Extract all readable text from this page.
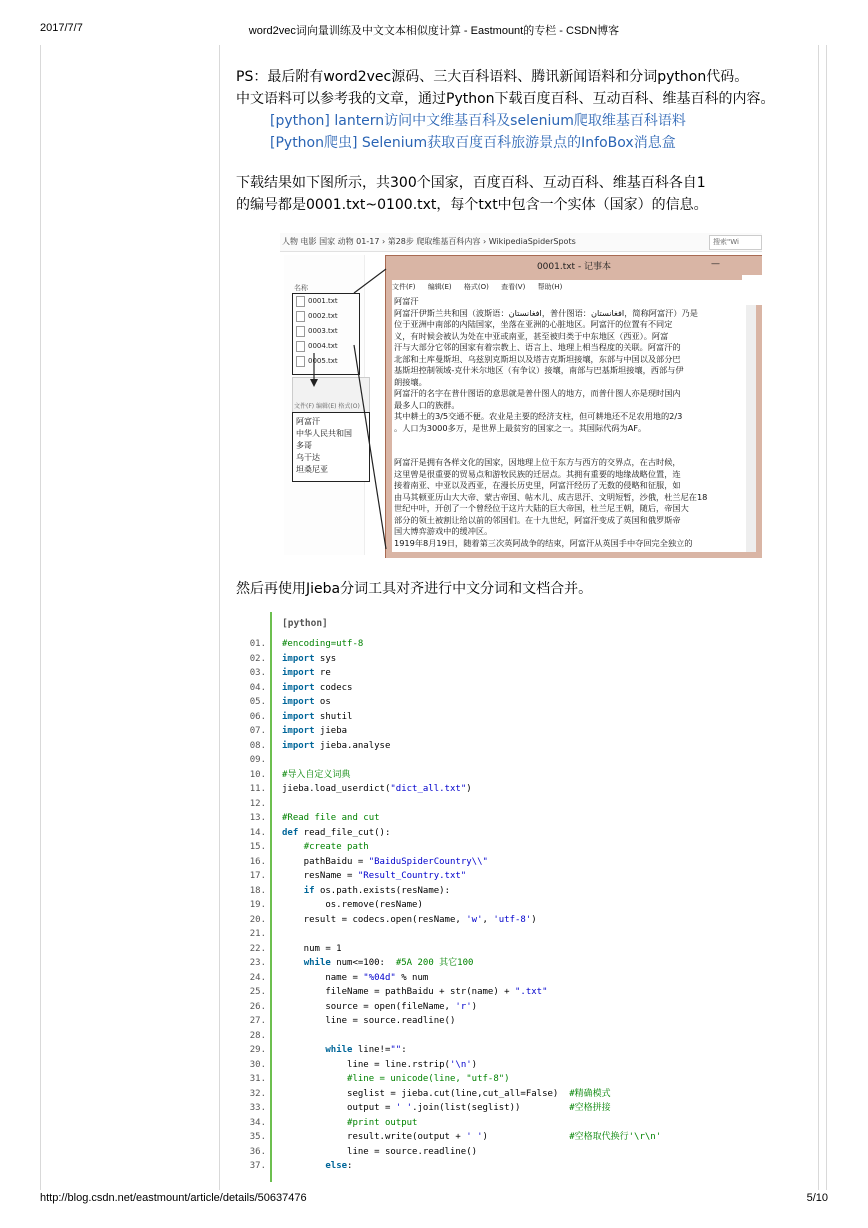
2017/7/7	word2vec词向量训练及中文文本相似度计算 - Eastmount的专栏 - CSDN博客

PS：最后附有word2vec源码、三大百科语料、腾讯新闻语料和分词python代码。

中文语料可以参考我的文章，通过Python下载百度百科、互动百科、维基百科的内容。

[python] lantern访问中文维基百科及selenium爬取维基百科语料
[Python爬虫] Selenium获取百度百科旅游景点的InfoBox消息盒

下载结果如下图所示，共300个国家，百度百科、互动百科、维基百科各自1

的编号都是0001.txt~0100.txt，每个txt中包含一个实体（国家）的信息。

人物 电影 国家 动物 01-17 › 第28步 爬取维基百科内容 › WikipediaSpiderSpots	搜索"Wi
名称
0001.txt
0002.txt
0003.txt
0004.txt
0005.txt
文件(F) 编辑(E) 格式(O)
阿富汗
中华人民共和国
多哥
乌干达
坦桑尼亚
0001.txt - 记事本	—
文件(F) 编辑(E) 格式(O) 查看(V) 帮助(H)
阿富汗
阿富汗伊斯兰共和国（波斯语：افغانستان，普什图语：افغانستان，简称阿富汗）乃是
位于亚洲中南部的内陆国家，坐落在亚洲的心脏地区。阿富汗的位置有不同定
义，有时候会被认为处在中亚或南亚，甚至被归类于中东地区（西亚）。阿富
汗与大部分它邻的国家有着宗教上、语言上、地理上相当程度的关联。阿富汗的
北部和土库曼斯坦、乌兹别克斯坦以及塔吉克斯坦接壤，东部与中国以及部分巴
基斯坦控制领域-克什米尔地区（有争议）接壤，南部与巴基斯坦接壤，西部与伊
朗接壤。
阿富汗的名字在普什图语的意思就是普什图人的地方，而普什图人亦是现时国内
最多人口的族群。
其中耕土的3/5交通不便。农业是主要的经济支柱，但可耕地还不足农用地的2/3
。人口为3000多万，是世界上最贫穷的国家之一。其国际代码为AF。
阿富汗是拥有各样文化的国家，因地理上位于东方与西方的交界点，在古时候，
这里曾是很重要的贸易点和游牧民族的迁居点。其拥有重要的地缘战略位置，连
接着南亚、中亚以及西亚，在漫长历史里，阿富汗经历了无数的侵略和征服，如
由马其顿亚历山大大帝、蒙古帝国、帖木儿、成吉思汗、文明短暂，沙俄，杜兰尼在18
世纪中叶，开创了一个曾经位于这片大陆的巨大帝国，杜兰尼王朝，随后，帝国大
部分的领土被割让给以前的邻国们。在十九世纪，阿富汗变成了英国和俄罗斯帝
国大博弈游戏中的缓冲区。
1919年8月19日，随着第三次英阿战争的结束，阿富汗从英国手中夺回完全独立的
然后再使用Jieba分词工具对齐进行中文分词和文档合并。
[python]
01. #encoding=utf-8
02. import sys
03. import re
04. import codecs
05. import os
06. import shutil
07. import jieba
08. import jieba.analyse
09.
10. #导入自定义词典
11. jieba.load_userdict("dict_all.txt")
12.
13. #Read file and cut
14. def read_file_cut():
15.	#create path
16. pathBaidu = "BaiduSpiderCountry\\"
17. resName = "Result_Country.txt"
18.	if os.path.exists(resName):
19. os.remove(resName)
20. result = codecs.open(resName, 'w', 'utf-8')
21.
22. num = 1
23.	while num<=100:  #5A 200 其它100
24. name = "%04d" % num
25. fileName = pathBaidu + str(name) + ".txt"
26. source = open(fileName, 'r')
27. line = source.readline()
28.
29.	while line!="":
30. line = line.rstrip('\n')
31.	#line = unicode(line, "utf-8")
32. seglist = jieba.cut(line,cut_all=False)  #精确模式
33. output = ' '.join(list(seglist))         #空格拼接
34.	#print output
35. result.write(output + ' ')               #空格取代换行'\r\n'
36. line = source.readline()
37.	else:
http://blog.csdn.net/eastmount/article/details/50637476	5/10
